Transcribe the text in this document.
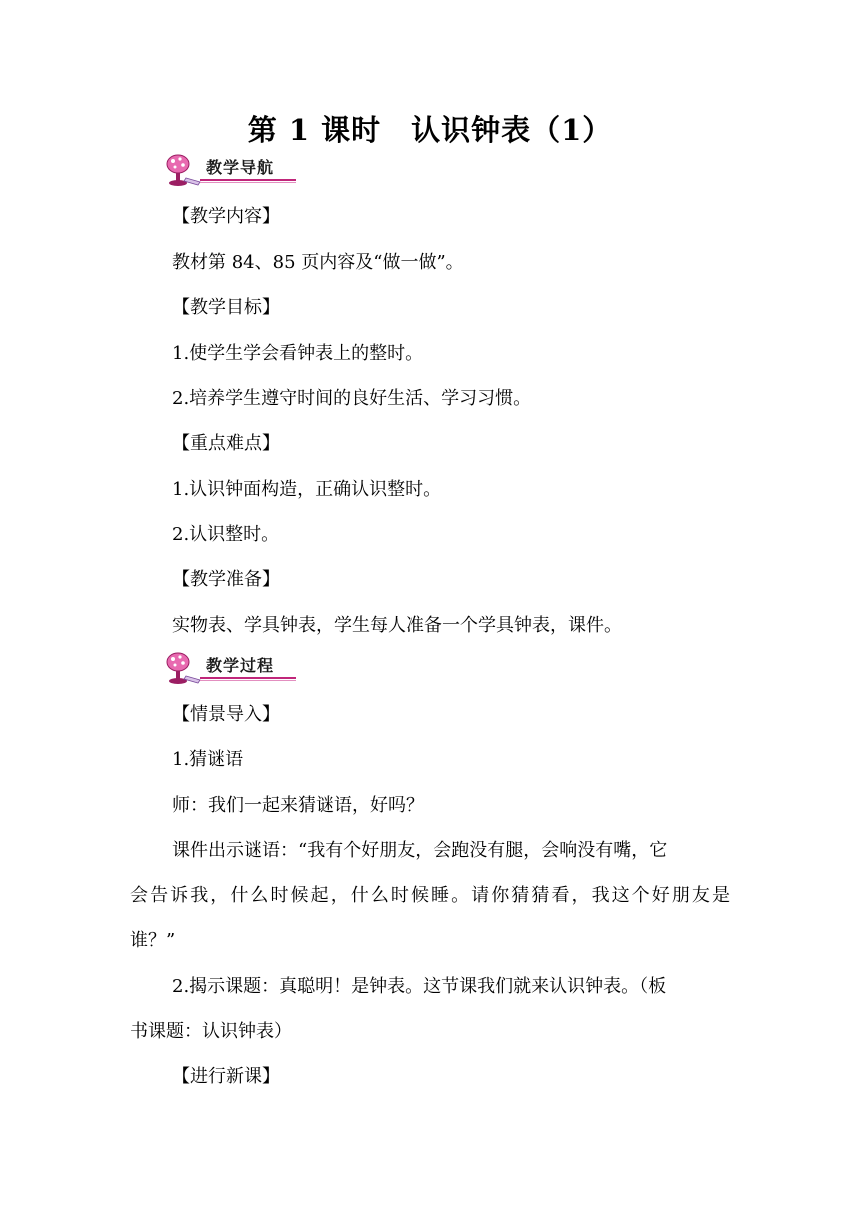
第 1 课时　认识钟表（1）
教学导航
【教学内容】
教材第 84、85 页内容及“做一做”。
【教学目标】
1.使学生学会看钟表上的整时。
2.培养学生遵守时间的良好生活、学习习惯。
【重点难点】
1.认识钟面构造，正确认识整时。
2.认识整时。
【教学准备】
实物表、学具钟表，学生每人准备一个学具钟表，课件。
教学过程
【情景导入】
1.猜谜语
师：我们一起来猜谜语，好吗？
课件出示谜语：“我有个好朋友，会跑没有腿，会响没有嘴，它
会告诉我，什么时候起，什么时候睡。请你猜猜看，我这个好朋友是
谁？”
2.揭示课题：真聪明！是钟表。这节课我们就来认识钟表。（板
书课题：认识钟表）
【进行新课】
